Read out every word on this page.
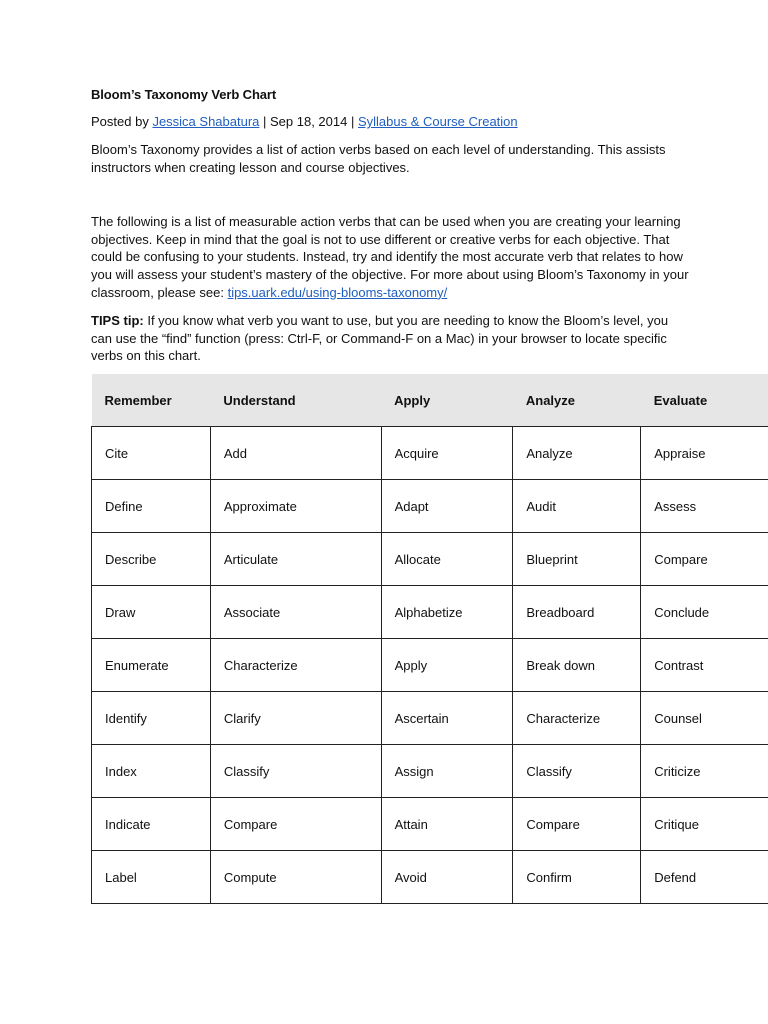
Bloom’s Taxonomy Verb Chart
Posted by Jessica Shabatura | Sep 18, 2014 | Syllabus & Course Creation
Bloom’s Taxonomy provides a list of action verbs based on each level of understanding. This assists instructors when creating lesson and course objectives.
The following is a list of measurable action verbs that can be used when you are creating your learning objectives. Keep in mind that the goal is not to use different or creative verbs for each objective. That could be confusing to your students. Instead, try and identify the most accurate verb that relates to how you will assess your student’s mastery of the objective. For more about using Bloom’s Taxonomy in your classroom, please see: tips.uark.edu/using-blooms-taxonomy/
TIPS tip: If you know what verb you want to use, but you are needing to know the Bloom’s level, you can use the “find” function (press: Ctrl-F, or Command-F on a Mac) in your browser to locate specific verbs on this chart.
Remember	Understand	Apply	Analyze	Evaluate
Cite	Add	Acquire	Analyze	Appraise
Define	Approximate	Adapt	Audit	Assess
Describe	Articulate	Allocate	Blueprint	Compare
Draw	Associate	Alphabetize	Breadboard	Conclude
Enumerate	Characterize	Apply	Break down	Contrast
Identify	Clarify	Ascertain	Characterize	Counsel
Index	Classify	Assign	Classify	Criticize
Indicate	Compare	Attain	Compare	Critique
Label	Compute	Avoid	Confirm	Defend
